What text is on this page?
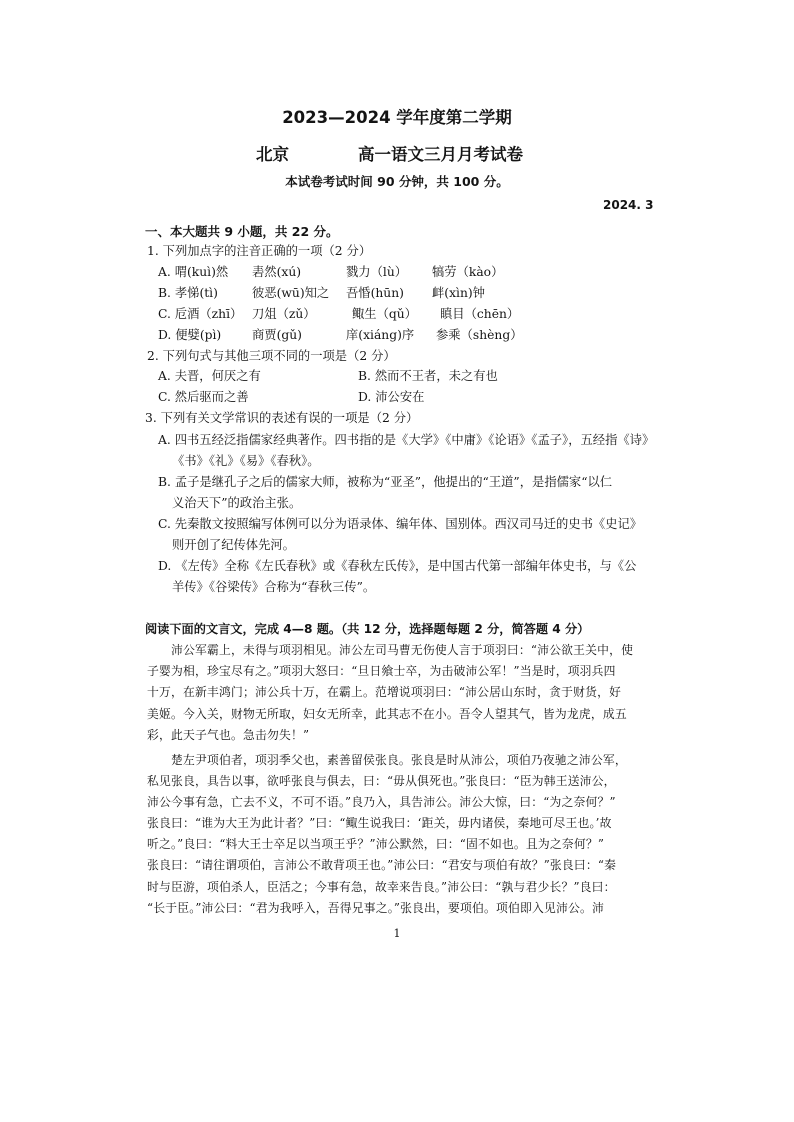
2023—2024 学年度第二学期
北京	高一语文三月月考试卷
本试卷考试时间 90 分钟，共 100 分。
2024. 3
一、本大题共 9 小题，共 22 分。
1. 下列加点字的注音正确的一项（2 分）
A. 喟(kuì)然 砉然(xú)	戮力（lù） 犒劳（kào）
B. 孝悌(tì)	彼恶(wū)知之 吾惛(hūn) 衅(xìn)钟
C. 卮酒（zhī） 刀俎（zǔ）	鲰生（qǔ） 瞋目（chēn）
D. 便嬖(pì)	商贾(gǔ)	庠(xiáng)序 参乘（shèng）
2. 下列句式与其他三项不同的一项是（2 分）
A. 夫晋，何厌之有	B. 然而不王者，未之有也
C. 然后驱而之善	D. 沛公安在
3. 下列有关文学常识的表述有误的一项是（2 分）
A. 四书五经泛指儒家经典著作。四书指的是《大学》《中庸》《论语》《孟子》，五经指《诗》
《书》《礼》《易》《春秋》。
B. 孟子是继孔子之后的儒家大师，被称为“亚圣”，他提出的“王道”，是指儒家“以仁
义治天下”的政治主张。
C. 先秦散文按照编写体例可以分为语录体、编年体、国别体。西汉司马迁的史书《史记》
则开创了纪传体先河。
D. 《左传》全称《左氏春秋》或《春秋左氏传》，是中国古代第一部编年体史书，与《公
羊传》《谷梁传》合称为“春秋三传”。
阅读下面的文言文，完成 4—8 题。（共 12 分，选择题每题 2 分，简答题 4 分）
　　沛公军霸上，未得与项羽相见。沛公左司马曹无伤使人言于项羽曰：“沛公欲王关中，使
子婴为相，珍宝尽有之。”项羽大怒曰：“旦日飨士卒，为击破沛公军！”当是时，项羽兵四
十万，在新丰鸿门；沛公兵十万，在霸上。范增说项羽曰：“沛公居山东时，贪于财货，好
美姬。今入关，财物无所取，妇女无所幸，此其志不在小。吾令人望其气，皆为龙虎，成五
彩，此天子气也。急击勿失！”
　　楚左尹项伯者，项羽季父也，素善留侯张良。张良是时从沛公，项伯乃夜驰之沛公军，
私见张良，具告以事，欲呼张良与俱去，曰：“毋从俱死也。”张良曰：“臣为韩王送沛公，
沛公今事有急，亡去不义，不可不语。”良乃入，具告沛公。沛公大惊，曰：“为之奈何？”
张良曰：“谁为大王为此计者？”曰：“鲰生说我曰：‘距关，毋内诸侯，秦地可尽王也。’故
听之。”良曰：“料大王士卒足以当项王乎？”沛公默然，曰：“固不如也。且为之奈何？”
张良曰：“请往谓项伯，言沛公不敢背项王也。”沛公曰：“君安与项伯有故？”张良曰：“秦
时与臣游，项伯杀人，臣活之；今事有急，故幸来告良。”沛公曰：“孰与君少长？”良曰：
“长于臣。”沛公曰：“君为我呼入，吾得兄事之。”张良出，要项伯。项伯即入见沛公。沛
1
